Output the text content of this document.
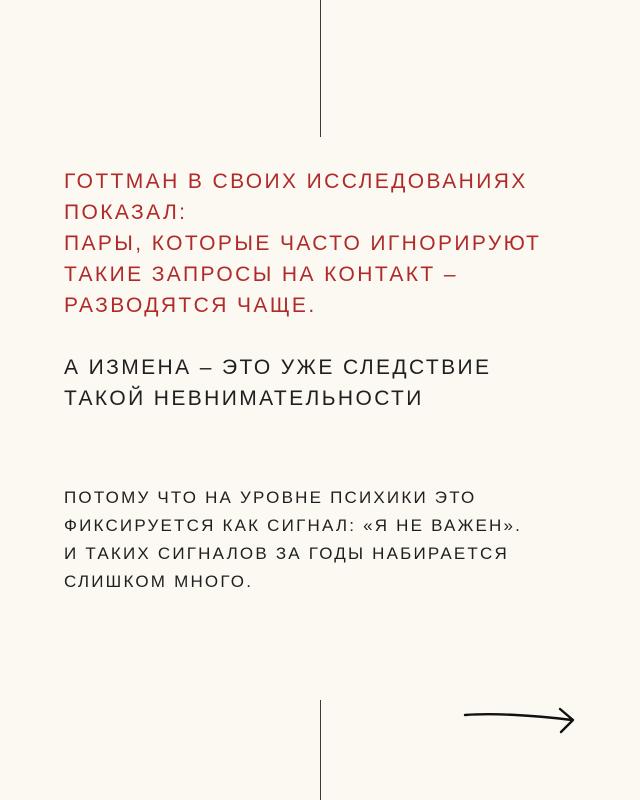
ГОТТМАН В СВОИХ ИССЛЕДОВАНИЯХ
ПОКАЗАЛ:
ПАРЫ, КОТОРЫЕ ЧАСТО ИГНОРИРУЮТ
ТАКИЕ ЗАПРОСЫ НА КОНТАКТ –
РАЗВОДЯТСЯ ЧАЩЕ.

А ИЗМЕНА – ЭТО УЖЕ СЛЕДСТВИЕ
ТАКОЙ НЕВНИМАТЕЛЬНОСТИ

ПОТОМУ ЧТО НА УРОВНЕ ПСИХИКИ ЭТО
ФИКСИРУЕТСЯ КАК СИГНАЛ: «Я НЕ ВАЖЕН».
И ТАКИХ СИГНАЛОВ ЗА ГОДЫ НАБИРАЕТСЯ
СЛИШКОМ МНОГО.
